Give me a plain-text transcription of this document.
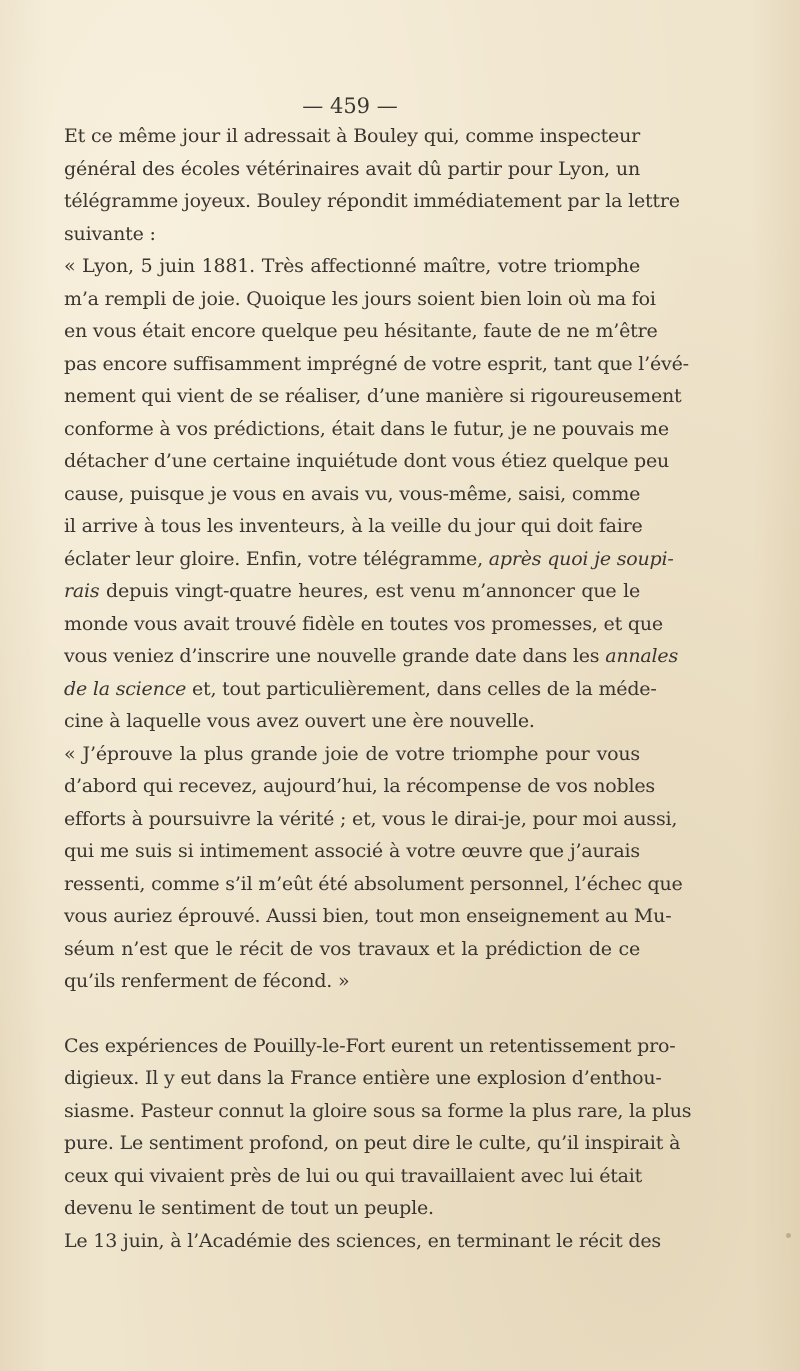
— 459 —
Et ce même jour il adressait à Bouley qui, comme inspecteur
général des écoles vétérinaires avait dû partir pour Lyon, un
télégramme joyeux. Bouley répondit immédiatement par la lettre
suivante :
« Lyon, 5 juin 1881. Très affectionné maître, votre triomphe
m’a rempli de joie. Quoique les jours soient bien loin où ma foi
en vous était encore quelque peu hésitante, faute de ne m’être
pas encore suffisamment imprégné de votre esprit, tant que l’évé-
nement qui vient de se réaliser, d’une manière si rigoureusement
conforme à vos prédictions, était dans le futur, je ne pouvais me
détacher d’une certaine inquiétude dont vous étiez quelque peu
cause, puisque je vous en avais vu, vous-même, saisi, comme
il arrive à tous les inventeurs, à la veille du jour qui doit faire
éclater leur gloire. Enfin, votre télégramme, après quoi je soupi-
rais depuis vingt-quatre heures, est venu m’annoncer que le
monde vous avait trouvé fidèle en toutes vos promesses, et que
vous veniez d’inscrire une nouvelle grande date dans les annales
de la science et, tout particulièrement, dans celles de la méde-
cine à laquelle vous avez ouvert une ère nouvelle.
« J’éprouve la plus grande joie de votre triomphe pour vous
d’abord qui recevez, aujourd’hui, la récompense de vos nobles
efforts à poursuivre la vérité ; et, vous le dirai-je, pour moi aussi,
qui me suis si intimement associé à votre œuvre que j’aurais
ressenti, comme s’il m’eût été absolument personnel, l’échec que
vous auriez éprouvé. Aussi bien, tout mon enseignement au Mu-
séum n’est que le récit de vos travaux et la prédiction de ce
qu’ils renferment de fécond. »
Ces expériences de Pouilly-le-Fort eurent un retentissement pro-
digieux. Il y eut dans la France entière une explosion d’enthou-
siasme. Pasteur connut la gloire sous sa forme la plus rare, la plus
pure. Le sentiment profond, on peut dire le culte, qu’il inspirait à
ceux qui vivaient près de lui ou qui travaillaient avec lui était
devenu le sentiment de tout un peuple.
Le 13 juin, à l’Académie des sciences, en terminant le récit des
